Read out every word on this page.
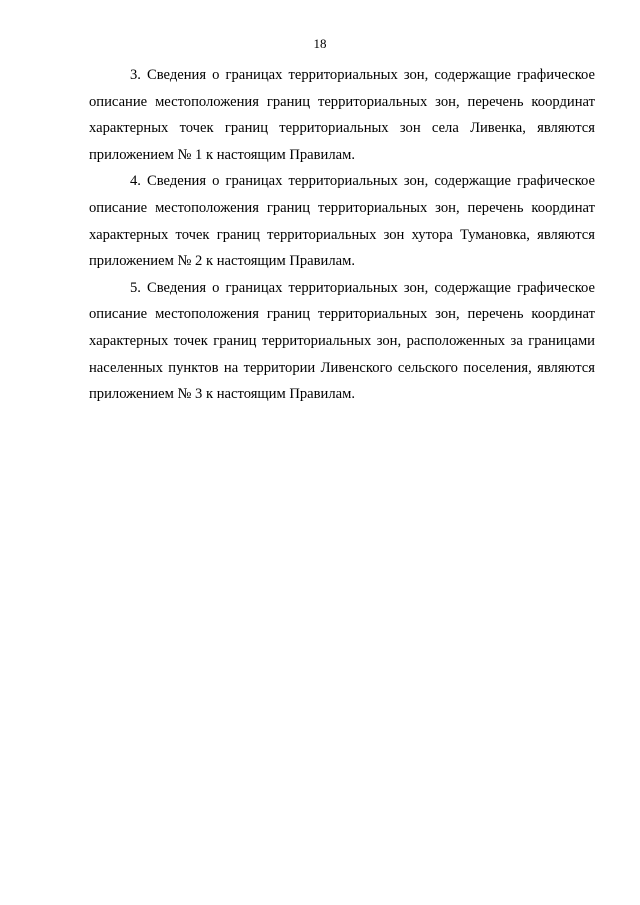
18

3. Сведения о границах территориальных зон, содержащие графическое описание местоположения границ территориальных зон, перечень координат характерных точек границ территориальных зон села Ливенка, являются приложением № 1 к настоящим Правилам.

4. Сведения о границах территориальных зон, содержащие графическое описание местоположения границ территориальных зон, перечень координат характерных точек границ территориальных зон хутора Тумановка, являются приложением № 2 к настоящим Правилам.

5. Сведения о границах территориальных зон, содержащие графическое описание местоположения границ территориальных зон, перечень координат характерных точек границ территориальных зон, расположенных за границами населенных пунктов на территории Ливенского сельского поселения, являются приложением № 3 к настоящим Правилам.
